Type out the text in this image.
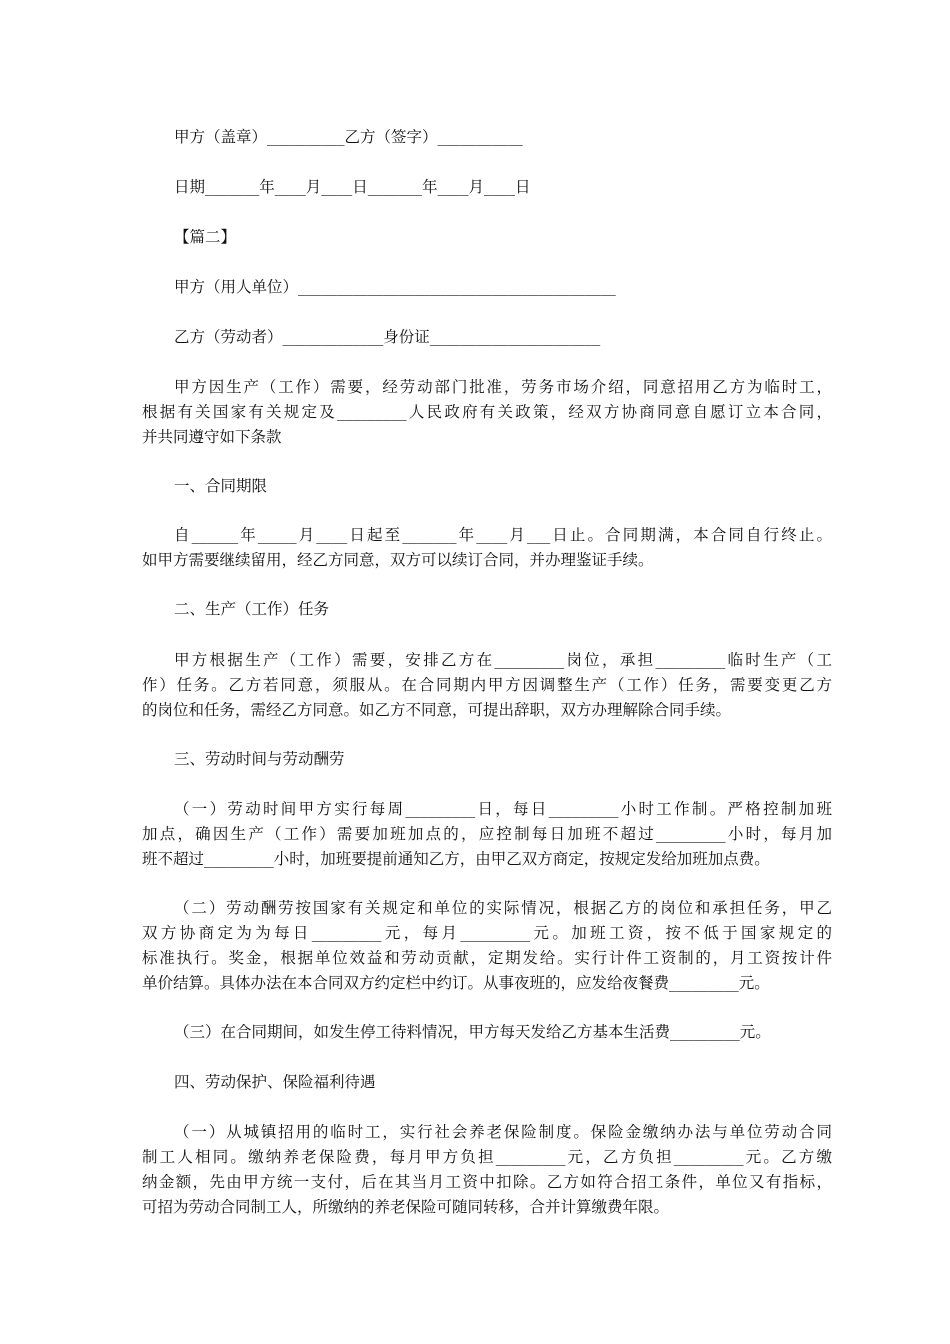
甲方（盖章）__________乙方（签字）___________
日期_______年____月____日_______年____月____日
【篇二】
甲方（用人单位）_________________________________________
乙方（劳动者）_____________身份证______________________

甲方因生产（工作）需要，经劳动部门批准，劳务市场介绍，同意招用乙方为临时工，

根据有关国家有关规定及_________人民政府有关政策，经双方协商同意自愿订立本合同，

并共同遵守如下条款

一、合同期限

自______年_____月____日起至_______年____月___日止。合同期满，本合同自行终止。

如甲方需要继续留用，经乙方同意，双方可以续订合同，并办理鉴证手续。

二、生产（工作）任务

甲方根据生产（工作）需要，安排乙方在_________岗位，承担_________临时生产（工

作）任务。乙方若同意，须服从。在合同期内甲方因调整生产（工作）任务，需要变更乙方

的岗位和任务，需经乙方同意。如乙方不同意，可提出辞职，双方办理解除合同手续。

三、劳动时间与劳动酬劳

（一）劳动时间甲方实行每周_________日，每日_________小时工作制。严格控制加班

加点，确因生产（工作）需要加班加点的，应控制每日加班不超过_________小时，每月加

班不超过_________小时，加班要提前通知乙方，由甲乙双方商定，按规定发给加班加点费。

（二）劳动酬劳按国家有关规定和单位的实际情况，根据乙方的岗位和承担任务，甲乙

双方协商定为为每日_________元，每月_________元。加班工资，按不低于国家规定的

标准执行。奖金，根据单位效益和劳动贡献，定期发给。实行计件工资制的，月工资按计件

单价结算。具体办法在本合同双方约定栏中约订。从事夜班的，应发给夜餐费_________元。

（三）在合同期间，如发生停工待料情况，甲方每天发给乙方基本生活费_________元。
四、劳动保护、保险福利待遇

（一）从城镇招用的临时工，实行社会养老保险制度。保险金缴纳办法与单位劳动合同

制工人相同。缴纳养老保险费，每月甲方负担_________元，乙方负担_________元。乙方缴

纳金额，先由甲方统一支付，后在其当月工资中扣除。乙方如符合招工条件，单位又有指标，

可招为劳动合同制工人，所缴纳的养老保险可随同转移，合并计算缴费年限。
